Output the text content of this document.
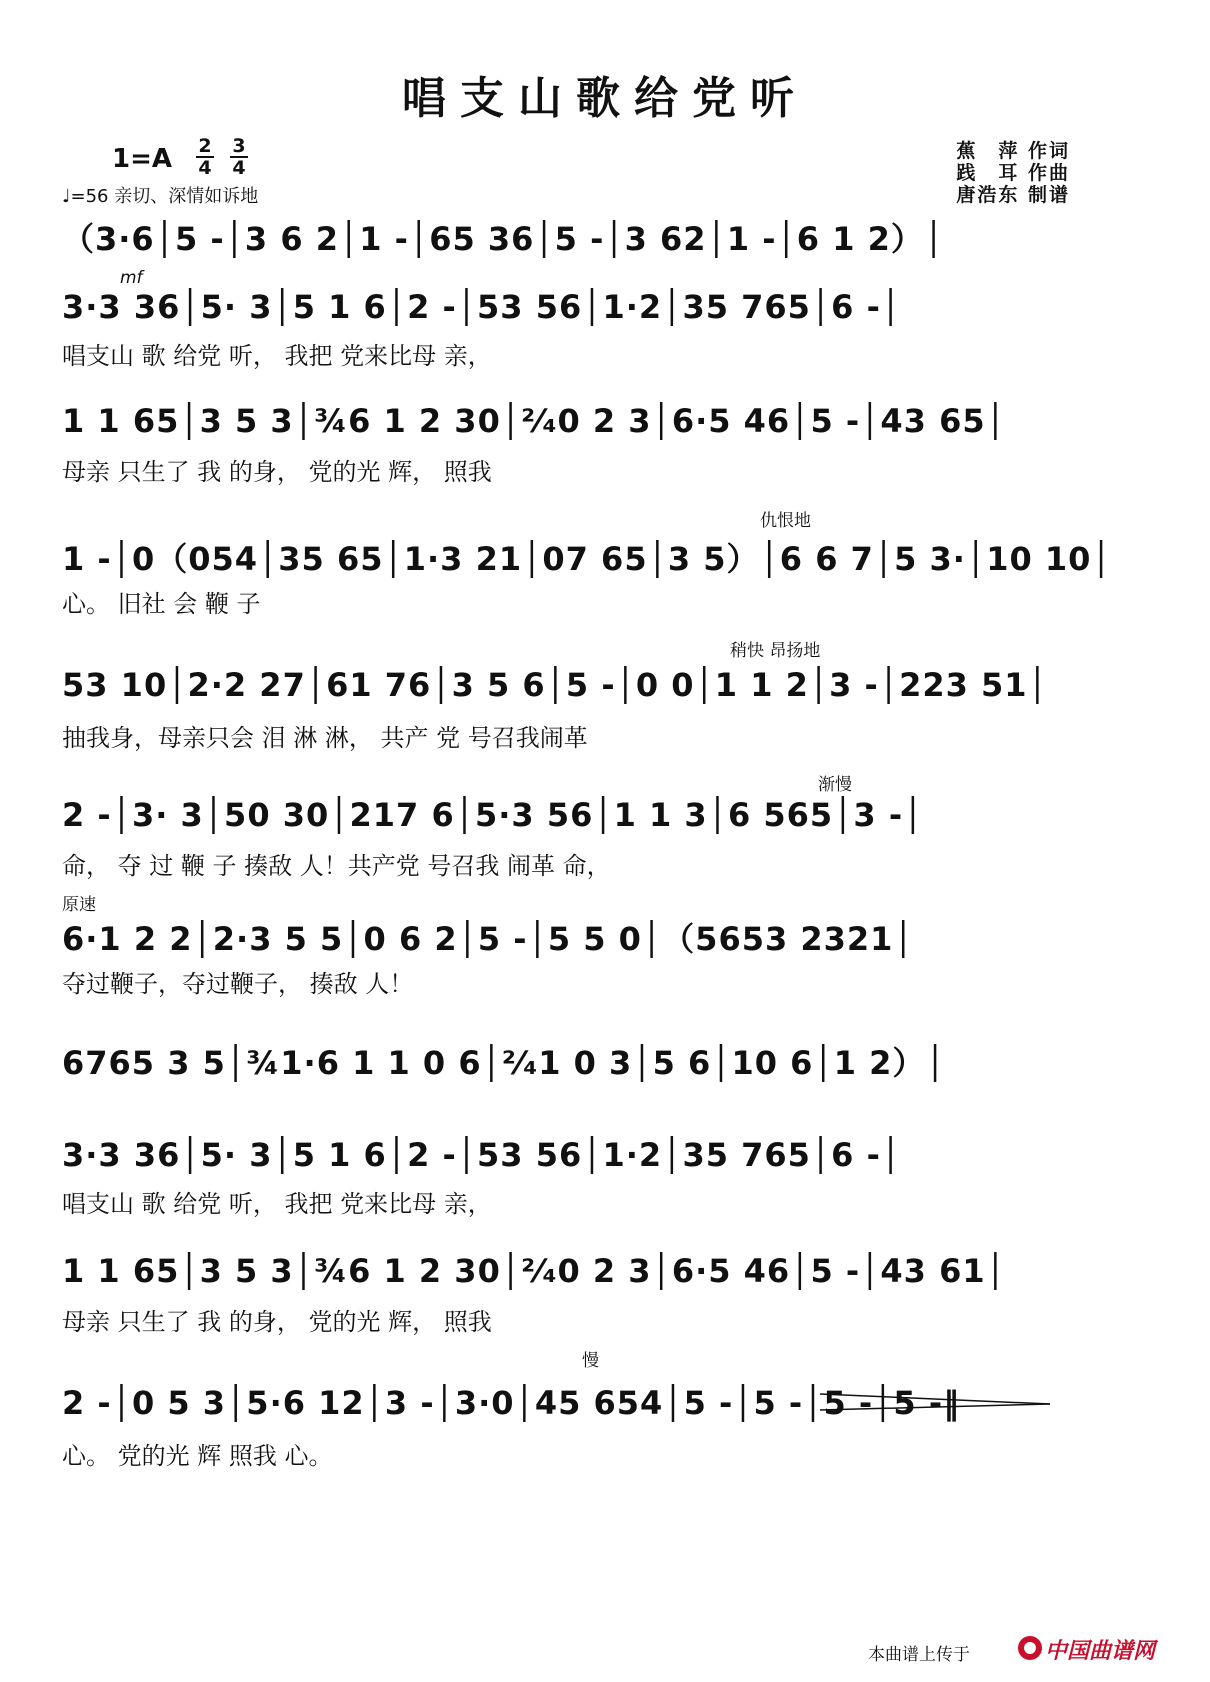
唱支山歌给党听
$1=A \frac{2}{4} \frac{3}{4}$
♩=56 亲切、深情如诉地
蕉　萍 作词
践　耳 作曲
唐浩东 制谱
（3·6│5 -│3 6 2│1 -│65 36│5 -│3 62│1 -│6 1 2）│
mf
3·3 36│5· 3│5 1 6│2 -│53 56│1·2│35 765│6 -│
唱支山 歌 给党 听， 我把 党来比母 亲，
1 1 65│3 5 3│¾6 1 2 30│²⁄₄0 2 3│6·5 46│5 -│43 65│
母亲 只生了 我 的身， 党的光 辉， 照我
仇恨地
1 -│0（054│35 65│1·3 21│07 65│3 5）│6 6 7│5 3·│10 10│
心。 旧社 会 鞭 子
稍快 昂扬地
53 10│2·2 27│61 76│3 5 6│5 -│0 0│1 1 2│3 -│223 51│
抽我身，母亲只会 泪 淋 淋， 共产 党 号召我闹革
渐慢
2 -│3· 3│50 30│217 6│5·3 56│1 1 3│6 565│3 -│
命， 夺 过 鞭 子 揍敌 人！共产党 号召我 闹革 命，
原速
6·1 2 2│2·3 5 5│0 6 2│5 -│5 5 0│（5653 2321│
夺过鞭子，夺过鞭子， 揍敌 人！
6765 3 5│¾1·6 1 1 0 6│²⁄₄1 0 3│5 6│10 6│1 2）│
3·3 36│5· 3│5 1 6│2 -│53 56│1·2│35 765│6 -│
唱支山 歌 给党 听， 我把 党来比母 亲，
1 1 65│3 5 3│¾6 1 2 30│²⁄₄0 2 3│6·5 46│5 -│43 61│
母亲 只生了 我 的身， 党的光 辉， 照我
慢
2 -│0 5 3│5·6 12│3 -│3·0│45 654│5 -│5 -│5 -│5 -‖
心。 党的光 辉 照我 心。
本曲谱上传于	中国曲谱网
